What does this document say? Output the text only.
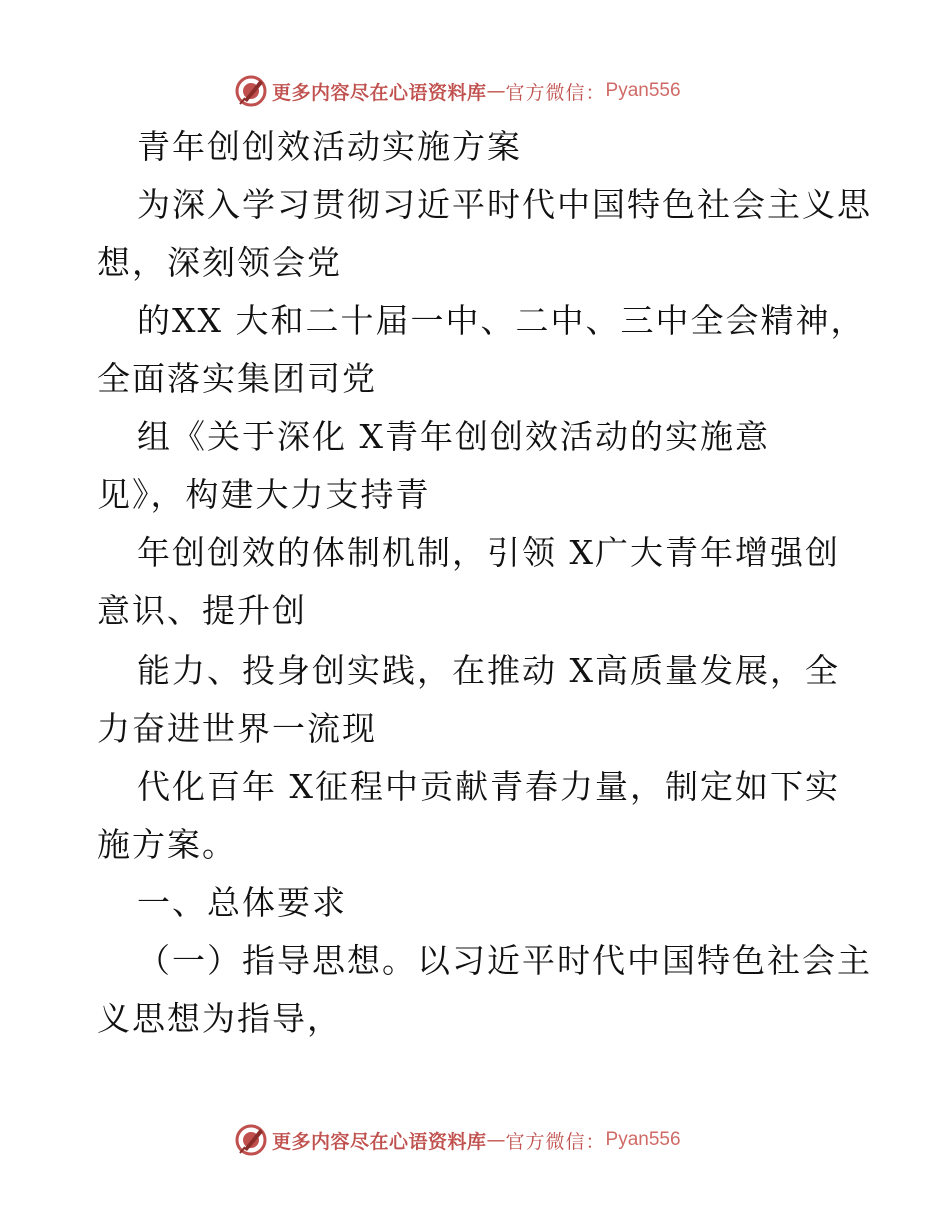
更多内容尽在心语资料库 — 官方微信： Pyan556

青年创创效活动实施方案

为深入学习贯彻习近平时代中国特色社会主义思

想，深刻领会党

的XX 大和二十届一中、二中、三中全会精神，

全面落实集团司党

组《关于深化 X青年创创效活动的实施意

见》，构建大力支持青

年创创效的体制机制，引领 X广大青年增强创

意识、提升创

能力、投身创实践，在推动 X高质量发展，全

力奋进世界一流现

代化百年 X征程中贡献青春力量，制定如下实

施方案。

一、总体要求

（一）指导思想。以习近平时代中国特色社会主

义思想为指导，

更多内容尽在心语资料库 — 官方微信： Pyan556
